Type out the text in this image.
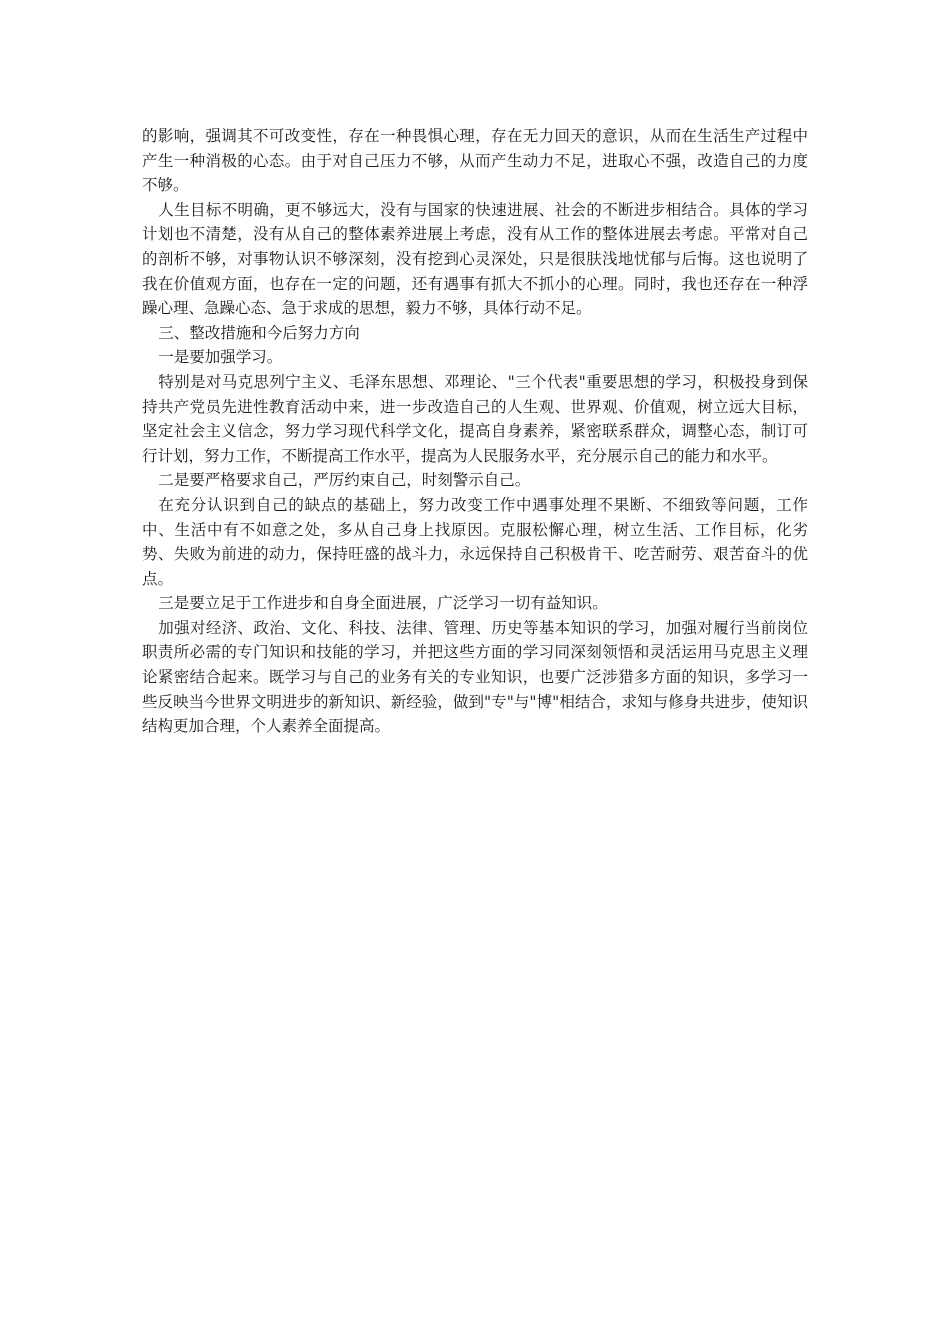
的影响，强调其不可改变性，存在一种畏惧心理，存在无力回天的意识，从而在生活生产过程中产生一种消极的心态。由于对自己压力不够，从而产生动力不足，进取心不强，改造自己的力度不够。

人生目标不明确，更不够远大，没有与国家的快速进展、社会的不断进步相结合。具体的学习计划也不清楚，没有从自己的整体素养进展上考虑，没有从工作的整体进展去考虑。平常对自己的剖析不够，对事物认识不够深刻，没有挖到心灵深处，只是很肤浅地忧郁与后悔。这也说明了我在价值观方面，也存在一定的问题，还有遇事有抓大不抓小的心理。同时，我也还存在一种浮躁心理、急躁心态、急于求成的思想，毅力不够，具体行动不足。

三、整改措施和今后努力方向

一是要加强学习。

特别是对马克思列宁主义、毛泽东思想、邓理论、"三个代表"重要思想的学习，积极投身到保持共产党员先进性教育活动中来，进一步改造自己的人生观、世界观、价值观，树立远大目标，坚定社会主义信念，努力学习现代科学文化，提高自身素养，紧密联系群众，调整心态，制订可行计划，努力工作，不断提高工作水平，提高为人民服务水平，充分展示自己的能力和水平。

二是要严格要求自己，严厉约束自己，时刻警示自己。

在充分认识到自己的缺点的基础上，努力改变工作中遇事处理不果断、不细致等问题，工作中、生活中有不如意之处，多从自己身上找原因。克服松懈心理，树立生活、工作目标，化劣势、失败为前进的动力，保持旺盛的战斗力，永远保持自己积极肯干、吃苦耐劳、艰苦奋斗的优点。

三是要立足于工作进步和自身全面进展，广泛学习一切有益知识。

加强对经济、政治、文化、科技、法律、管理、历史等基本知识的学习，加强对履行当前岗位职责所必需的专门知识和技能的学习，并把这些方面的学习同深刻领悟和灵活运用马克思主义理论紧密结合起来。既学习与自己的业务有关的专业知识，也要广泛涉猎多方面的知识，多学习一些反映当今世界文明进步的新知识、新经验，做到"专"与"博"相结合，求知与修身共进步，使知识结构更加合理，个人素养全面提高。
